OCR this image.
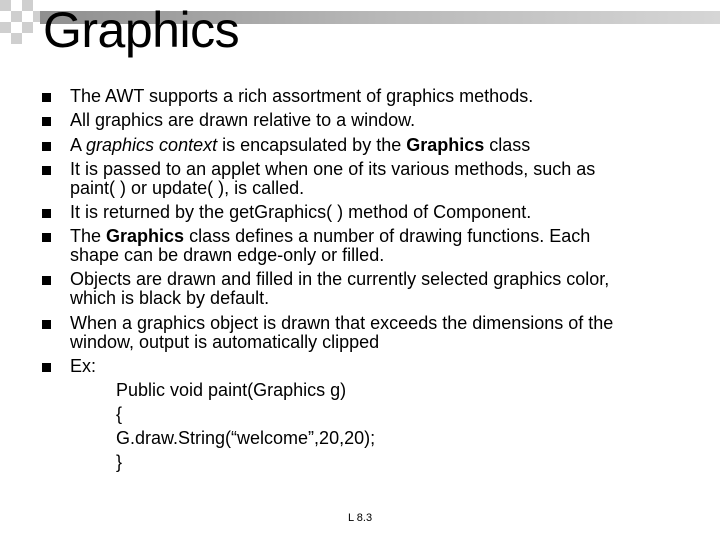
Graphics
The AWT supports a rich assortment of graphics methods.
All graphics are drawn relative to a window.
A graphics context is encapsulated by the Graphics class
It is passed to an applet when one of its various methods, such as
paint( ) or update( ), is called.
It is returned by the getGraphics( ) method of Component.
The Graphics class defines a number of drawing functions. Each
shape can be drawn edge-only or filled.
Objects are drawn and filled in the currently selected graphics color,
which is black by default.
When a graphics object is drawn that exceeds the dimensions of the
window, output is automatically clipped
Ex:
Public void paint(Graphics g)
{
G.draw.String(“welcome”,20,20);
}
L 8.3
